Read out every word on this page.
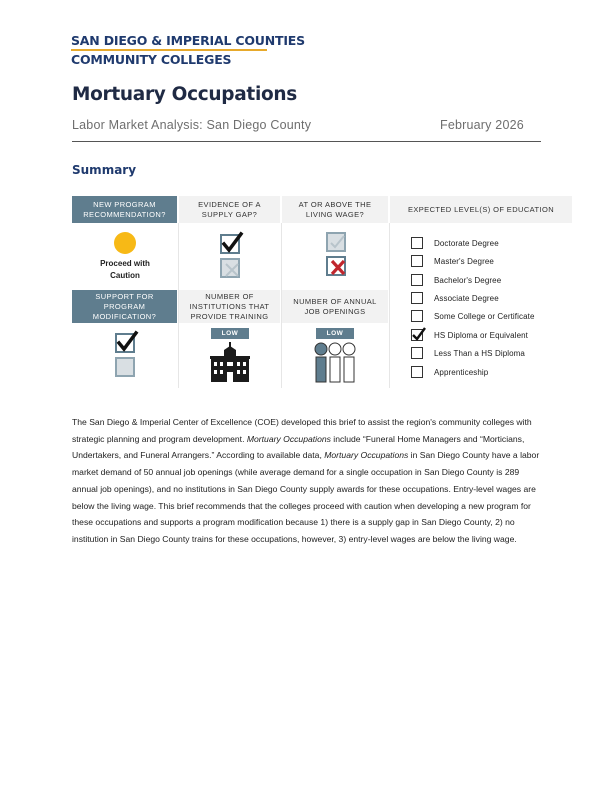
SAN DIEGO & IMPERIAL COUNTIES
COMMUNITY COLLEGES
Mortuary Occupations
Labor Market Analysis: San Diego County	February 2026
Summary
NEW PROGRAM RECOMMENDATION?
EVIDENCE OF A SUPPLY GAP?
AT OR ABOVE THE LIVING WAGE?
EXPECTED LEVEL(S) OF EDUCATION
Proceed with Caution
SUPPORT FOR PROGRAM MODIFICATION?
NUMBER OF INSTITUTIONS THAT PROVIDE TRAINING
NUMBER OF ANNUAL JOB OPENINGS
LOW	LOW
Doctorate Degree
Master's Degree
Bachelor's Degree
Associate Degree
Some College or Certificate
HS Diploma or Equivalent
Less Than a HS Diploma
Apprenticeship
The San Diego & Imperial Center of Excellence (COE) developed this brief to assist the region's community colleges with strategic planning and program development. Mortuary Occupations include “Funeral Home Managers and “Morticians, Undertakers, and Funeral Arrangers.” According to available data, Mortuary Occupations in San Diego County have a labor market demand of 50 annual job openings (while average demand for a single occupation in San Diego County is 289 annual job openings), and no institutions in San Diego County supply awards for these occupations. Entry-level wages are below the living wage. This brief recommends that the colleges proceed with caution when developing a new program for these occupations and supports a program modification because 1) there is a supply gap in San Diego County, 2) no institution in San Diego County trains for these occupations, however, 3) entry-level wages are below the living wage.
